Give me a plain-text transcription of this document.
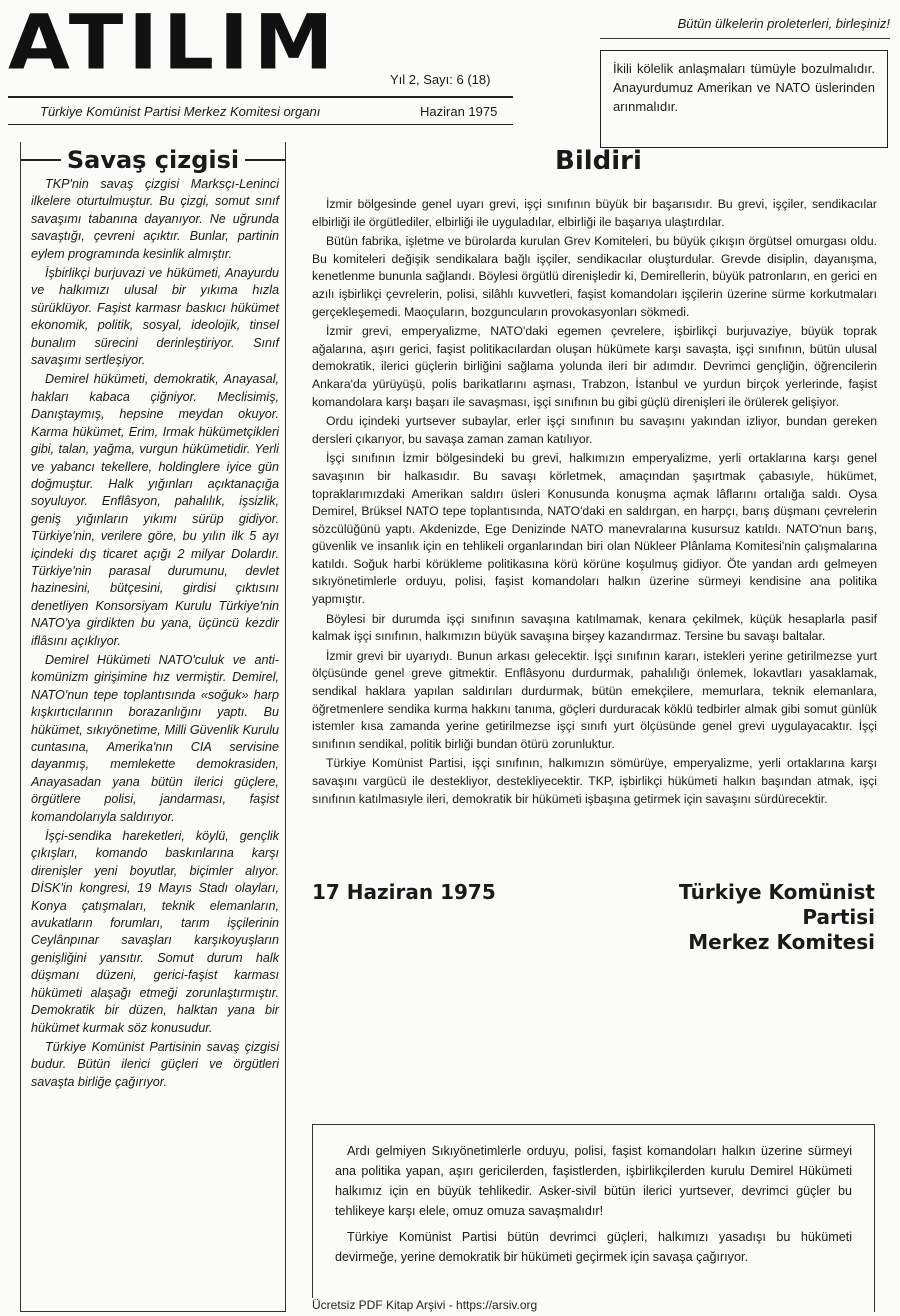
ATILIM	Yıl 2, Sayı: 6 (18)
Türkiye Komünist Partisi Merkez Komitesi organı	Haziran 1975
Bütün ülkelerin proleterleri, birleşiniz!
İkili kölelik anlaşmaları tümüyle bozulmalıdır. Anayurdumuz Amerikan ve NATO üslerinden arınmalıdır.
Savaş çizgisi

TKP'nin savaş çizgisi Marksçı-Leninci ilkelere oturtulmuştur. Bu çizgi, somut sınıf savaşımı tabanına dayanıyor. Ne uğrunda savaştığı, çevreni açıktır. Bunlar, partinin eylem programında kesinlik almıştır.

İşbirlikçi burjuvazi ve hükümeti, Anayurdu ve halkımızı ulusal bir yıkıma hızla sürüklüyor. Faşist karmasr baskıcı hükümet ekonomik, politik, sosyal, ideolojik, tinsel bunalım sürecini derinleştiriyor. Sınıf savaşımı sertleşiyor.

Demirel hükümeti, demokratik, Anayasal, hakları kabaca çiğniyor. Meclisimiş, Danıştaymış, hepsine meydan okuyor. Karma hükümet, Erim, Irmak hükümetçikleri gibi, talan, yağma, vurgun hükümetidir. Yerli ve yabancı tekellere, holdinglere iyice gün doğmuştur. Halk yığınları açıktanaçığa soyuluyor. Enflâsyon, pahalılık, işsizlik, geniş yığınların yıkımı sürüp gidiyor. Türkiye'nin, verilere göre, bu yılın ilk 5 ayı içindeki dış ticaret açığı 2 milyar Dolardır. Türkiye'nin parasal durumunu, devlet hazinesini, bütçesini, girdisi çıktısını denetliyen Konsorsiyam Kurulu Türkiye'nin NATO'ya girdikten bu yana, üçüncü kezdir iflâsını açıklıyor.

Demirel Hükümeti NATO'culuk ve anti-komünizm girişimine hız vermiştir. Demirel, NATO'nun tepe toplantısında «soğuk» harp kışkırtıcılarının borazanlığını yaptı. Bu hükümet, sıkıyönetime, Milli Güvenlik Kurulu cuntasına, Amerika'nın CIA servisine dayanmış, memlekette demokrasiden, Anayasadan yana bütün ilerici güçlere, örgütlere polisi, jandarması, faşist komandolarıyla saldırıyor.

İşçi-sendika hareketleri, köylü, gençlik çıkışları, komando baskınlarına karşı direnişler yeni boyutlar, biçimler alıyor. DİSK'in kongresi, 19 Mayıs Stadı olayları, Konya çatışmaları, teknik elemanların, avukatların forumları, tarım işçilerinin Ceylânpınar savaşları karşıkoyuşların genişliğini yansıtır. Somut durum halk düşmanı düzeni, gerici-faşist karması hükümeti alaşağı etmeği zorunlaştırmıştır. Demokratik bir düzen, halktan yana bir hükümet kurmak söz konusudur.

Türkiye Komünist Partisinin savaş çizgisi budur. Bütün ilerici güçleri ve örgütleri savaşta birliğe çağırıyor.

Bildiri

İzmir bölgesinde genel uyarı grevi, işçi sınıfının büyük bir başarısıdır. Bu grevi, işçiler, sendikacılar elbirliği ile örgütlediler, elbirliği ile uyguladılar, elbirliği ile başarıya ulaştırdılar.

Bütün fabrika, işletme ve bürolarda kurulan Grev Komiteleri, bu büyük çıkışın örgütsel omurgası oldu. Bu komiteleri değişik sendikalara bağlı işçiler, sendikacılar oluşturdular. Grevde disiplin, dayanışma, kenetlenme bununla sağlandı. Böylesi örgütlü direnişledir ki, Demirellerin, büyük patronların, en gerici en azılı işbirlikçi çevrelerin, polisi, silâhlı kuvvetleri, faşist komandoları işçilerin üzerine sürme korkutmaları gerçekleşemedi. Maoçuların, bozguncuların provokasyonları sökmedi.

İzmir grevi, emperyalizme, NATO'daki egemen çevrelere, işbirlikçi burjuvaziye, büyük toprak ağalarına, aşırı gerici, faşist politikacılardan oluşan hükümete karşı savaşta, işçi sınıfının, bütün ulusal demokratik, ilerici güçlerin birliğini sağlama yolunda ileri bir adımdır. Devrimci gençliğin, öğrencilerin Ankara'da yürüyüşü, polis barikatlarını aşması, Trabzon, İstanbul ve yurdun birçok yerlerinde, faşist komandolara karşı başarı ile savaşması, işçi sınıfının bu gibi güçlü direnişleri ile örülerek gelişiyor.

Ordu içindeki yurtsever subaylar, erler işçi sınıfının bu savaşını yakından izliyor, bundan gereken dersleri çıkarıyor, bu savaşa zaman zaman katılıyor.

İşçi sınıfının İzmir bölgesindeki bu grevi, halkımızın emperyalizme, yerli ortaklarına karşı genel savaşının bir halkasıdır. Bu savaşı körletmek, amaçından şaşırtmak çabasıyle, hükümet, topraklarımızdaki Amerikan saldırı üsleri Konusunda konuşma açmak lâflarını ortalığa saldı. Oysa Demirel, Brüksel NATO tepe toplantısında, NATO'daki en saldırgan, en harpçı, barış düşmanı çevrelerin sözcülüğünü yaptı. Akdenizde, Ege Denizinde NATO manevralarına kusursuz katıldı. NATO'nun barış, güvenlik ve insanlık için en tehlikeli organlarından biri olan Nükleer Plânlama Komitesi'nin çalışmalarına katıldı. Soğuk harbi körükleme politikasına körü körüne koşulmuş gidiyor. Öte yandan ardı gelmeyen sıkıyönetimlerle orduyu, polisi, faşist komandoları halkın üzerine sürmeyi kendisine ana politika yapmıştır.

Böylesi bir durumda işçi sınıfının savaşına katılmamak, kenara çekilmek, küçük hesaplarla pasif kalmak işçi sınıfının, halkımızın büyük savaşına birşey kazandırmaz. Tersine bu savaşı baltalar.

İzmir grevi bir uyarıydı. Bunun arkası gelecektir. İşçi sınıfının kararı, istekleri yerine getirilmezse yurt ölçüsünde genel greve gitmektir. Enflâsyonu durdurmak, pahalılığı önlemek, lokavtları yasaklamak, sendikal haklara yapılan saldırıları durdurmak, bütün emekçilere, memurlara, teknik elemanlara, öğretmenlere sendika kurma hakkını tanıma, göçleri durduracak köklü tedbirler almak gibi somut günlük istemler kısa zamanda yerine getirilmezse işçi sınıfı yurt ölçüsünde genel grevi uygulayacaktır. İşçi sınıfının sendikal, politik birliği bundan ötürü zorunluktur.

Türkiye Komünist Partisi, işçi sınıfının, halkımızın sömürüye, emperyalizme, yerli ortaklarına karşı savaşını vargücü ile destekliyor, destekliyecektir. TKP, işbirlikçi hükümeti halkın başından atmak, işçi sınıfının katılmasıyle ileri, demokratik bir hükümeti işbaşına getirmek için savaşını sürdürecektir.

17 Haziran 1975	Türkiye Komünist Partisi
Merkez Komitesi

Ardı gelmiyen Sıkıyönetimlerle orduyu, polisi, faşist komandoları halkın üzerine sürmeyi ana politika yapan, aşırı gericilerden, faşistlerden, işbirlikçilerden kurulu Demirel Hükümeti halkımız için en büyük tehlikedir. Asker-sivil bütün ilerici yurtsever, devrimci güçler bu tehlikeye karşı elele, omuz omuza savaşmalıdır!

Türkiye Komünist Partisi bütün devrimci güçleri, halkımızı yasadışı bu hükümeti devirmeğe, yerine demokratik bir hükümeti geçirmek için savaşa çağırıyor.

Ücretsiz PDF Kitap Arşivi - https://arsiv.org
